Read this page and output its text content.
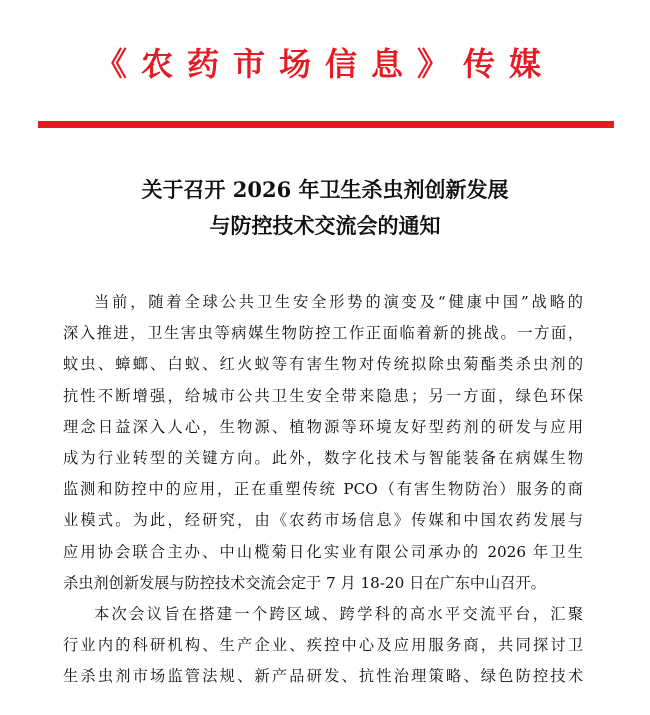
《农药市场信息》传媒
关于召开 2026 年卫生杀虫剂创新发展
与防控技术交流会的通知
当前，随着全球公共卫生安全形势的演变及“健康中国”战略的
深入推进，卫生害虫等病媒生物防控工作正面临着新的挑战。一方面，
蚊虫、蟑螂、白蚁、红火蚁等有害生物对传统拟除虫菊酯类杀虫剂的
抗性不断增强，给城市公共卫生安全带来隐患；另一方面，绿色环保
理念日益深入人心，生物源、植物源等环境友好型药剂的研发与应用
成为行业转型的关键方向。此外，数字化技术与智能装备在病媒生物
监测和防控中的应用，正在重塑传统 PCO（有害生物防治）服务的商
业模式。为此，经研究，由《农药市场信息》传媒和中国农药发展与
应用协会联合主办、中山榄菊日化实业有限公司承办的 2026 年卫生
杀虫剂创新发展与防控技术交流会定于 7 月 18-20 日在广东中山召开。
本次会议旨在搭建一个跨区域、跨学科的高水平交流平台，汇聚
行业内的科研机构、生产企业、疾控中心及应用服务商，共同探讨卫
生杀虫剂市场监管法规、新产品研发、抗性治理策略、绿色防控技术
